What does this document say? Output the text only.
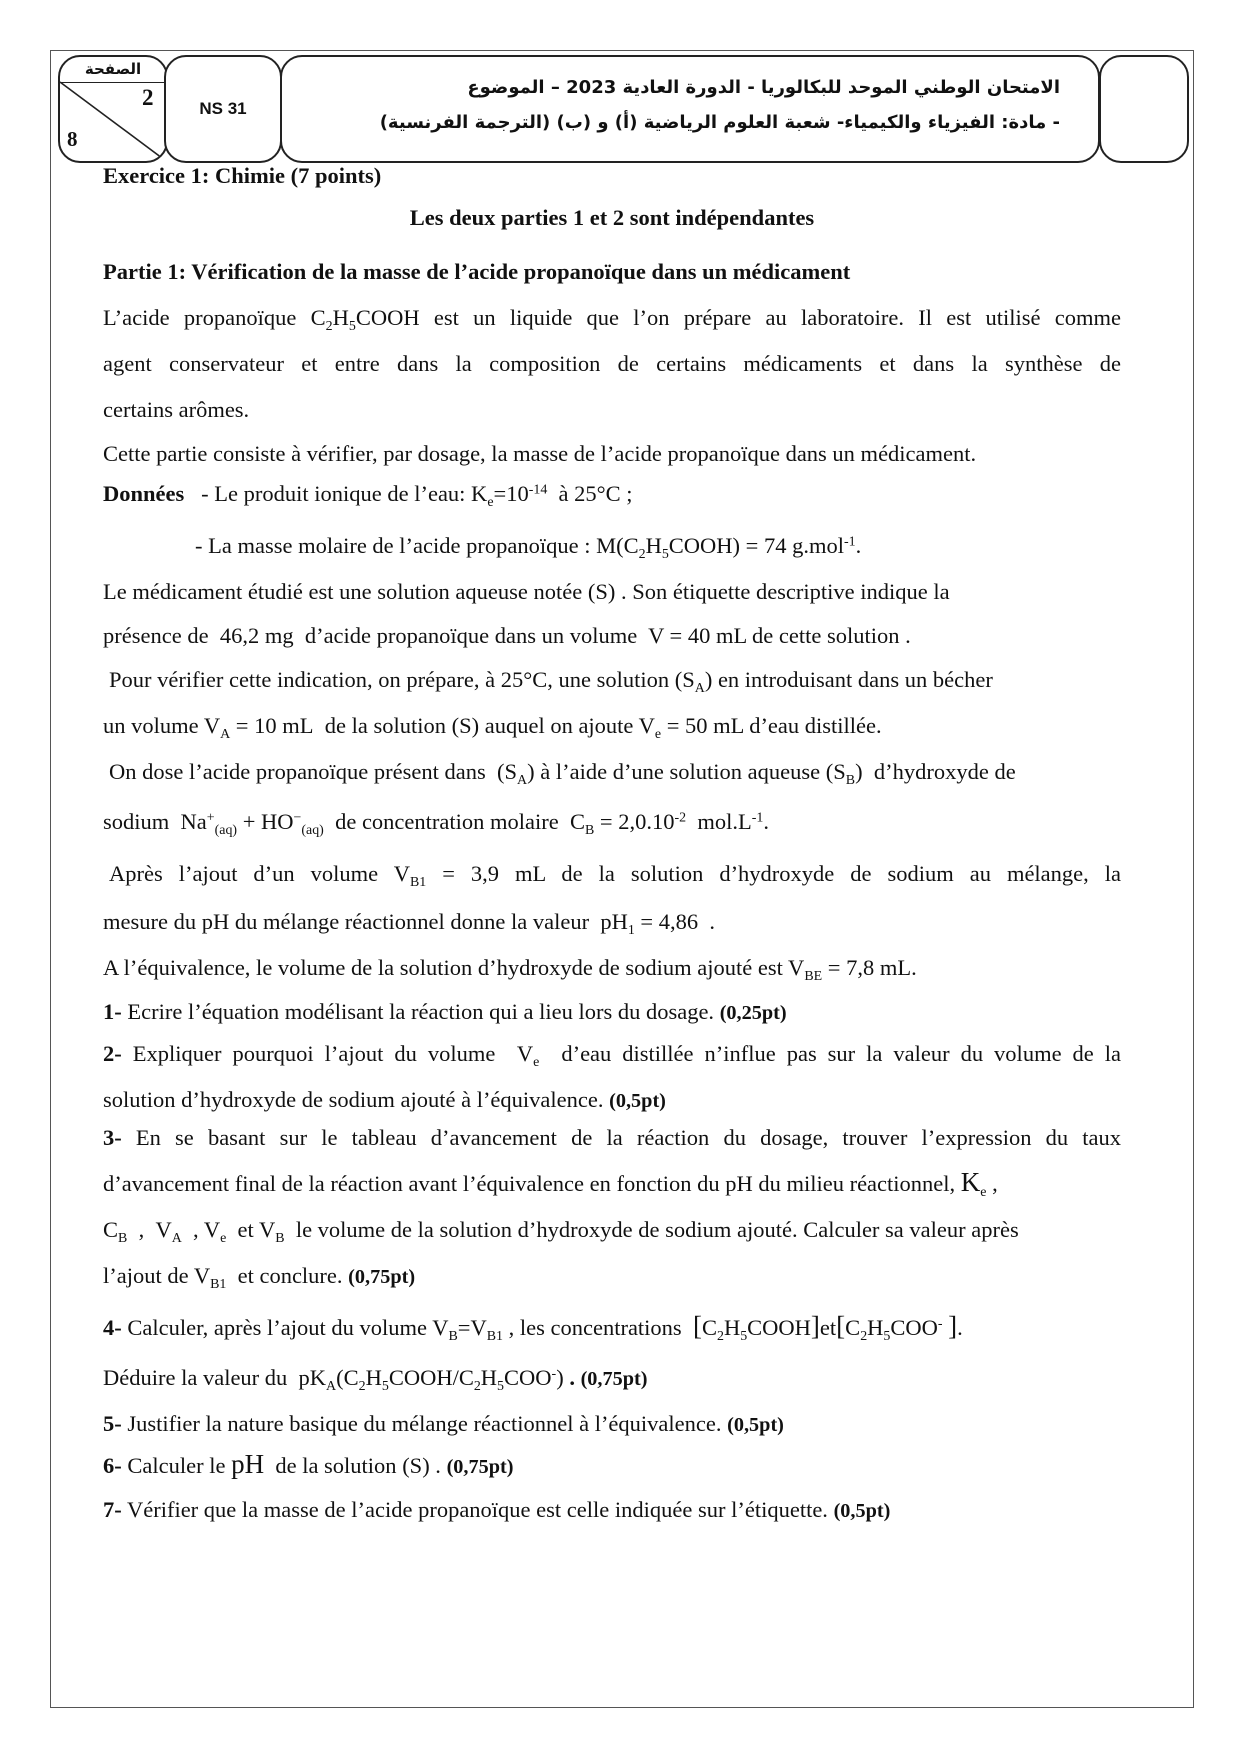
الصفحة
2
8
NS 31
الامتحان الوطني الموحد للبكالوريا - الدورة العادية 2023 – الموضوع
- مادة: الفيزياء والكيمياء- شعبة العلوم الرياضية (أ) و (ب) (الترجمة الفرنسية)
Exercice 1: Chimie (7 points)
Les deux parties 1 et 2 sont indépendantes
Partie 1: Vérification de la masse de l’acide propanoïque dans un médicament
L’acide propanoïque $C_2H_5COOH$ est un liquide que l’on prépare au laboratoire. Il est utilisé comme
agent conservateur et entre dans la composition de certains médicaments et dans la synthèse de
certains arômes.
Cette partie consiste à vérifier, par dosage, la masse de l’acide propanoïque dans un médicament.
Données - Le produit ionique de l’eau: $K_e=10^{-14}$ à 25°C ;
- La masse molaire de l’acide propanoïque : $M(C_2H_5COOH) = 74$ g.mol$^{-1}$.
Le médicament étudié est une solution aqueuse notée (S) . Son étiquette descriptive indique la
présence de 46,2 mg d’acide propanoïque dans un volume V = 40 mL de cette solution .
Pour vérifier cette indication, on prépare, à 25°C, une solution $(S_A)$ en introduisant dans un bécher
un volume $V_A = 10$ mL de la solution (S) auquel on ajoute $V_e = 50$ mL d’eau distillée.
On dose l’acide propanoïque présent dans  $(S_A)$ à l’aide d’une solution aqueuse $(S_B)$  d’hydroxyde de
sodium  $Na^+_{(aq)} + HO^-_{(aq)}$ de concentration molaire  $C_B = 2,0.10^{-2}$ $mol.L^{-1}$.
Après l’ajout d’un volume $V_{B1} = 3,9$ mL de la solution d’hydroxyde de sodium au mélange, la
mesure du pH du mélange réactionnel donne la valeur  $pH_1 = 4,86$  .
A l’équivalence, le volume de la solution d’hydroxyde de sodium ajouté est $V_{BE} = 7,8$ mL.
1- Ecrire l’équation modélisant la réaction qui a lieu lors du dosage. (0,25pt)
2- Expliquer pourquoi l’ajout du volume  $V_e$ d’eau distillée n’influe pas sur la valeur du volume de la
solution d’hydroxyde de sodium ajouté à l’équivalence. (0,5pt)
3- En se basant sur le tableau d’avancement de la réaction du dosage, trouver l’expression du taux
d’avancement final de la réaction avant l’équivalence en fonction du pH du milieu réactionnel, $K_e$ ,
$C_B$  ,  $V_A$  , $V_e$  et $V_B$ le volume de la solution d’hydroxyde de sodium ajouté. Calculer sa valeur après
l’ajout de $V_{B1}$ et conclure. (0,75pt)
4- Calculer, après l’ajout du volume $V_B=V_{B1}$ , les concentrations $[C_2H_5COOH]et[C_2H_5COO^-$ ].
Déduire la valeur du  $pK_A(C_2H_5COOH/C_2H_5COO^-)$ . (0,75pt)
5- Justifier la nature basique du mélange réactionnel à l’équivalence. (0,5pt)
6- Calculer le pH de la solution (S) . (0,75pt)
7- Vérifier que la masse de l’acide propanoïque est celle indiquée sur l’étiquette. (0,5pt)
